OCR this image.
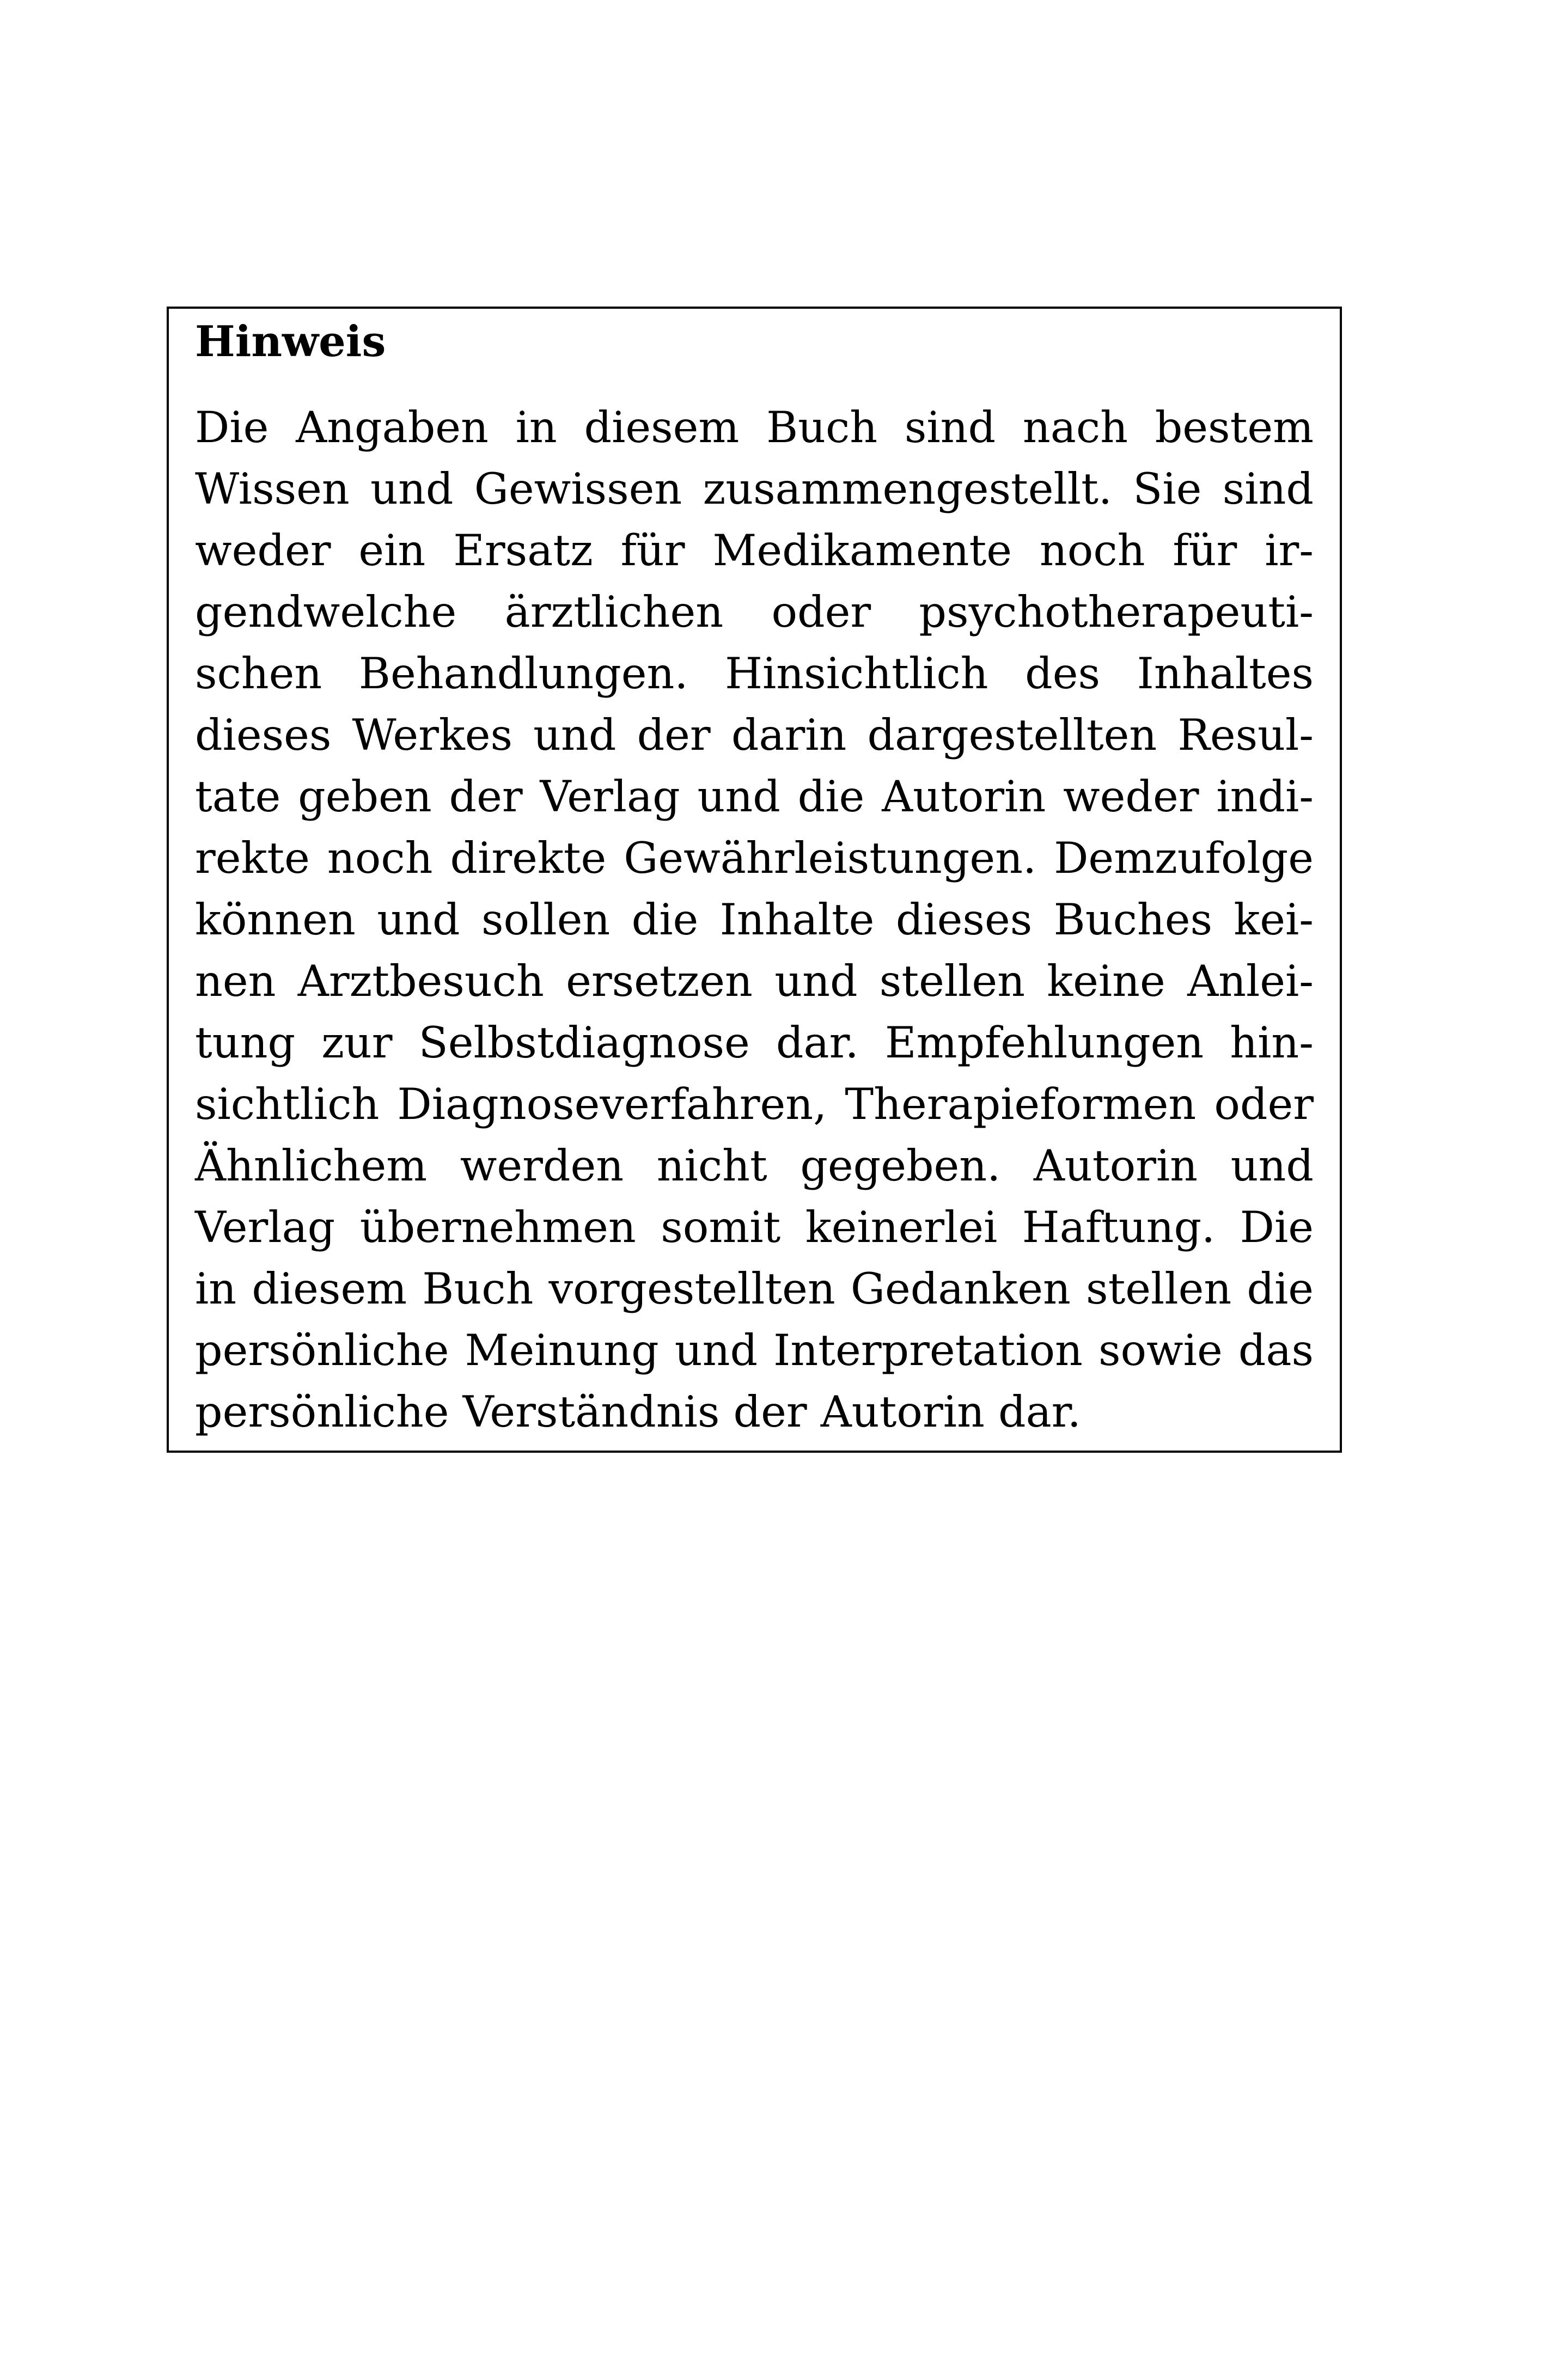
Hinweis
Die Angaben in diesem Buch sind nach bestem
Wissen und Gewissen zusammengestellt. Sie sind
weder ein Ersatz für Medikamente noch für ir-
gendwelche ärztlichen oder psychotherapeuti-
schen Behandlungen. Hinsichtlich des Inhaltes
dieses Werkes und der darin dargestellten Resul-
tate geben der Verlag und die Autorin weder indi-
rekte noch direkte Gewährleistungen. Demzufolge
können und sollen die Inhalte dieses Buches kei-
nen Arztbesuch ersetzen und stellen keine Anlei-
tung zur Selbstdiagnose dar. Empfehlungen hin-
sichtlich Diagnoseverfahren, Therapieformen oder
Ähnlichem werden nicht gegeben. Autorin und
Verlag übernehmen somit keinerlei Haftung. Die
in diesem Buch vorgestellten Gedanken stellen die
persönliche Meinung und Interpretation sowie das
persönliche Verständnis der Autorin dar.
